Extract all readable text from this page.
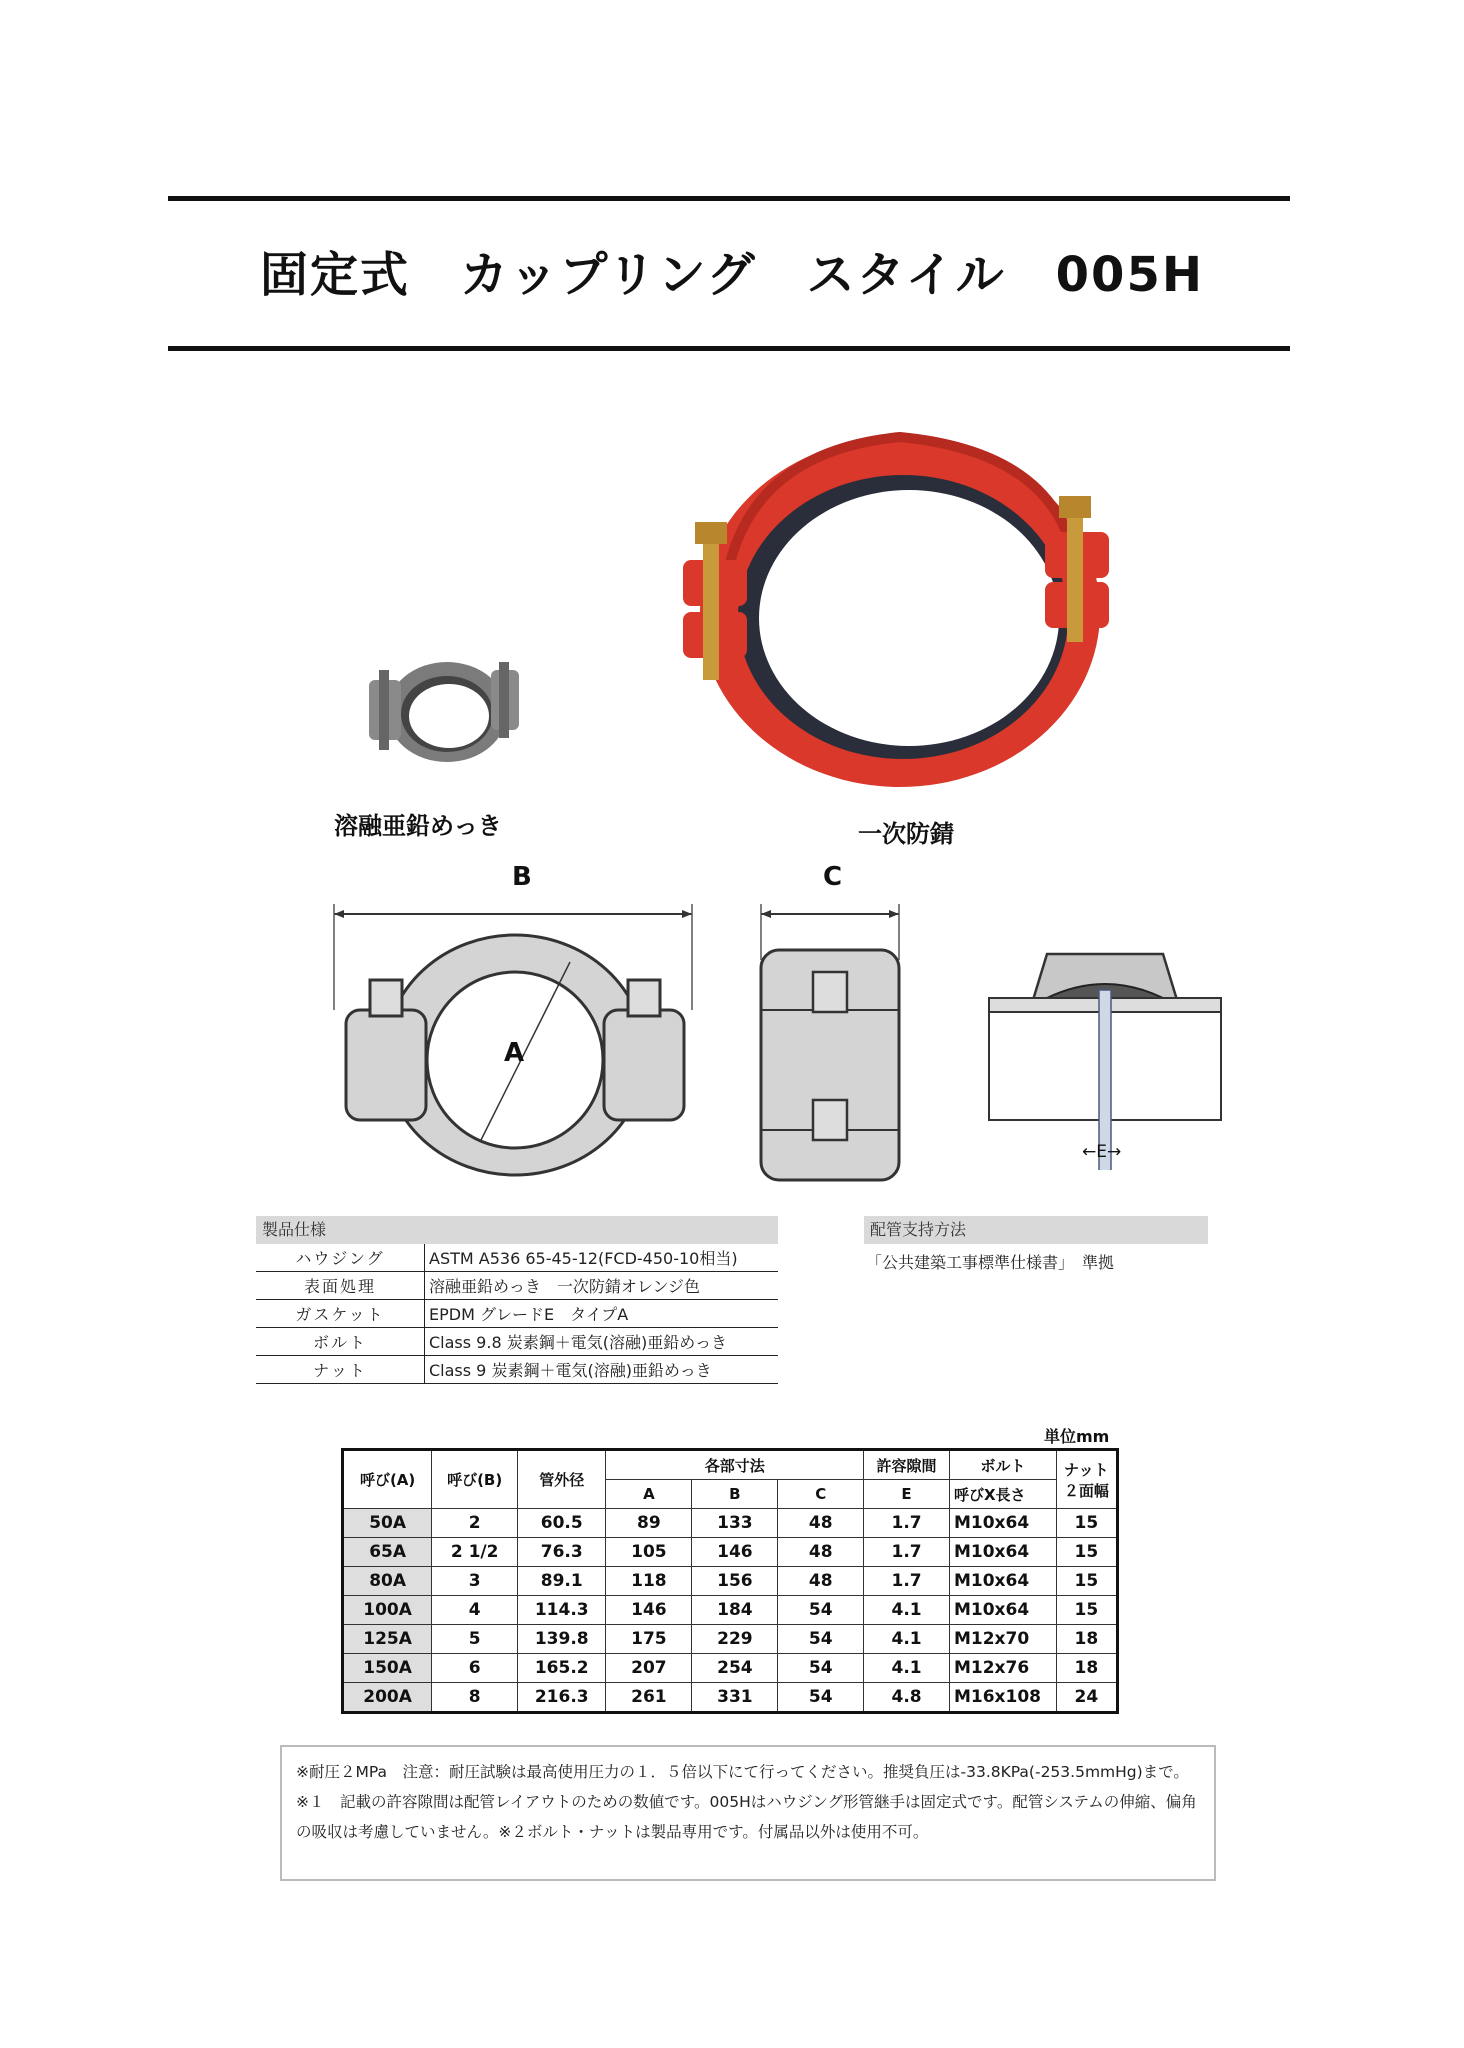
固定式　カップリング　スタイル　005H
溶融亜鉛めっき	一次防錆
B	C
A
←E→
製品仕様
ハウジング	ASTM A536 65-45-12(FCD-450-10相当)
表面処理	溶融亜鉛めっき　一次防錆オレンジ色
ガスケット	EPDM グレードE　タイプA
ボルト	Class 9.8 炭素鋼＋電気(溶融)亜鉛めっき
ナット	Class 9 炭素鋼＋電気(溶融)亜鉛めっき
配管支持方法
「公共建築工事標準仕様書」　準拠
単位mm
呼び(A)	呼び(B)	管外径	各部寸法			許容隙間	ボルト	ナット
２面幅
			A	B	C	E	呼びX長さ	
50A	2	60.5	89	133	48	1.7	M10x64	15
65A	2 1/2	76.3	105	146	48	1.7	M10x64	15
80A	3	89.1	118	156	48	1.7	M10x64	15
100A	4	114.3	146	184	54	4.1	M10x64	15
125A	5	139.8	175	229	54	4.1	M12x70	18
150A	6	165.2	207	254	54	4.1	M12x76	18
200A	8	216.3	261	331	54	4.8	M16x108	24
※耐圧２MPa　注意：耐圧試験は最高使用圧力の１．５倍以下にて行ってください。推奨負圧は-33.8KPa(-253.5mmHg)まで。※１　記載の許容隙間は配管レイアウトのための数値です。005Hはハウジング形管継手は固定式です。配管システムの伸縮、偏角の吸収は考慮していません。※２ボルト・ナットは製品専用です。付属品以外は使用不可。
